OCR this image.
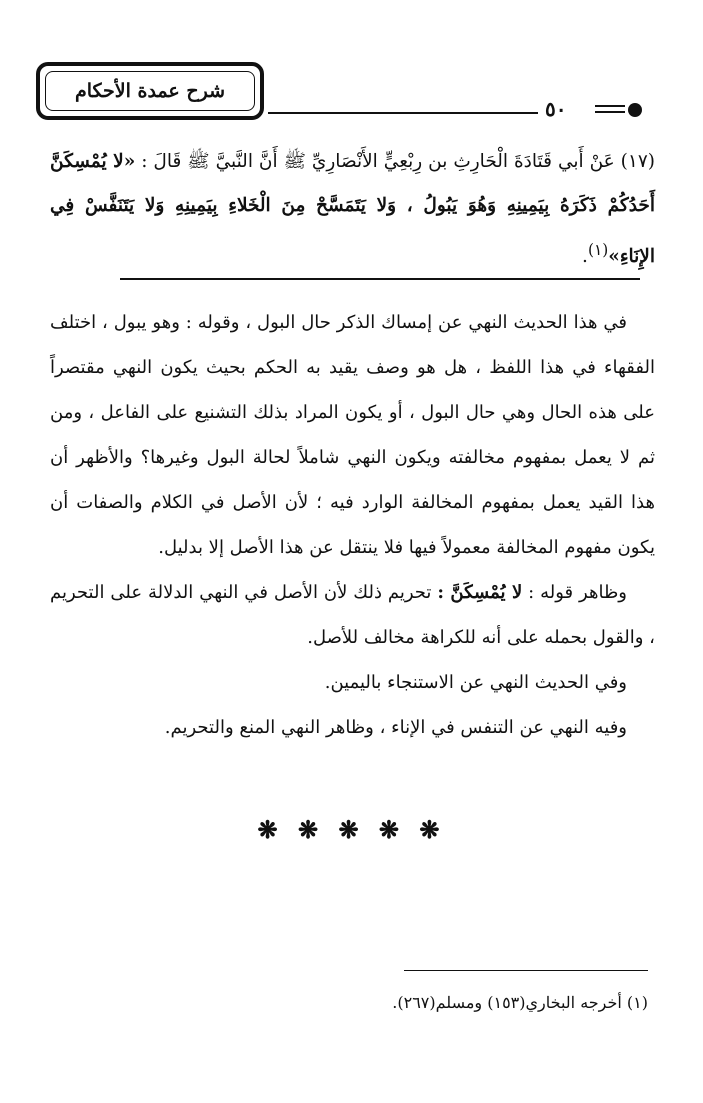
شرح عمدة الأحكام
٥٠
(١٧) عَنْ أَبي قَتَادَةَ الْحَارِثِ بن رِبْعِيٍّ الأَنْصَارِيِّ ﷺ أَنَّ النَّبيَّ ﷺ قَالَ : «لا يُمْسِكَنَّ أَحَدُكُمْ ذَكَرَهُ بِيَمِينِهِ وَهُوَ يَبُولُ ، وَلا يَتَمَسَّحْ مِنَ الْخَلاءِ بِيَمِينِهِ وَلا يَتَنَفَّسْ فِي الإِنَاءِ»$^{(١)}$.

في هذا الحديث النهي عن إمساك الذكر حال البول ، وقوله : وهو يبول ، اختلف الفقهاء في هذا اللفظ ، هل هو وصف يقيد به الحكم بحيث يكون النهي مقتصراً على هذه الحال وهي حال البول ، أو يكون المراد بذلك التشنيع على الفاعل ، ومن ثم لا يعمل بمفهوم مخالفته ويكون النهي شاملاً لحالة البول وغيرها؟ والأظهر أن هذا القيد يعمل بمفهوم المخالفة الوارد فيه ؛ لأن الأصل في الكلام والصفات أن يكون مفهوم المخالفة معمولاً فيها فلا ينتقل عن هذا الأصل إلا بدليل.

وظاهر قوله : لا يُمْسِكَنَّ : تحريم ذلك لأن الأصل في النهي الدلالة على التحريم ، والقول بحمله على أنه للكراهة مخالف للأصل.

وفي الحديث النهي عن الاستنجاء باليمين.

وفيه النهي عن التنفس في الإناء ، وظاهر النهي المنع والتحريم.

❋ ❋ ❋ ❋ ❋
(١) أخرجه البخاري(١٥٣) ومسلم(٢٦٧).
